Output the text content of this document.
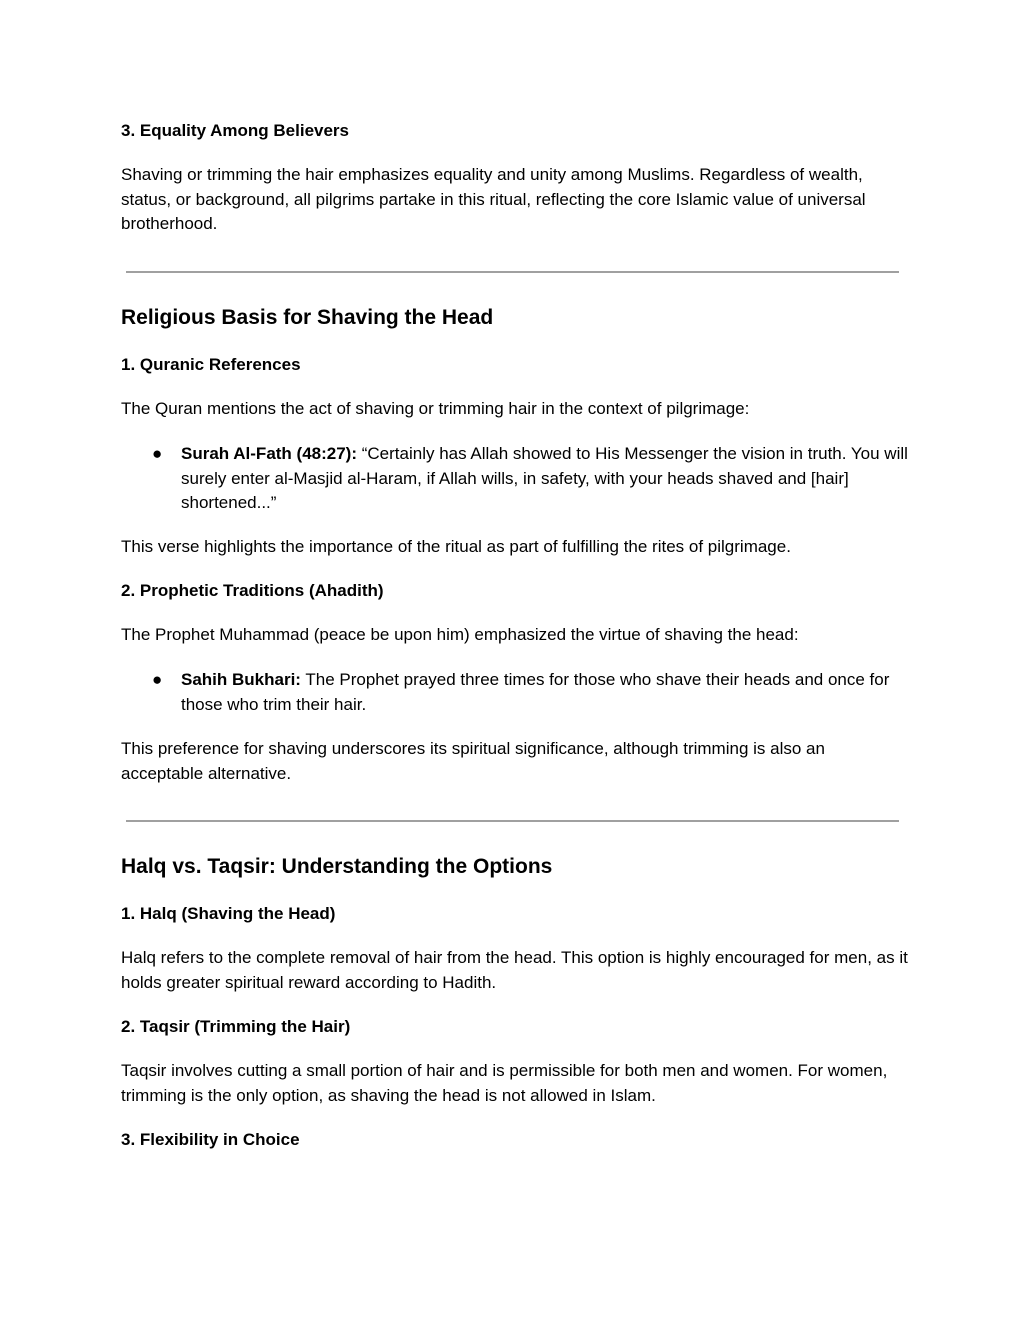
3. Equality Among Believers
Shaving or trimming the hair emphasizes equality and unity among Muslims. Regardless of wealth, status, or background, all pilgrims partake in this ritual, reflecting the core Islamic value of universal brotherhood.
Religious Basis for Shaving the Head
1. Quranic References
The Quran mentions the act of shaving or trimming hair in the context of pilgrimage:
● Surah Al-Fath (48:27): “Certainly has Allah showed to His Messenger the vision in truth. You will surely enter al-Masjid al-Haram, if Allah wills, in safety, with your heads shaved and [hair] shortened...”
This verse highlights the importance of the ritual as part of fulfilling the rites of pilgrimage.
2. Prophetic Traditions (Ahadith)
The Prophet Muhammad (peace be upon him) emphasized the virtue of shaving the head:
● Sahih Bukhari: The Prophet prayed three times for those who shave their heads and once for those who trim their hair.
This preference for shaving underscores its spiritual significance, although trimming is also an acceptable alternative.
Halq vs. Taqsir: Understanding the Options
1. Halq (Shaving the Head)
Halq refers to the complete removal of hair from the head. This option is highly encouraged for men, as it holds greater spiritual reward according to Hadith.
2. Taqsir (Trimming the Hair)
Taqsir involves cutting a small portion of hair and is permissible for both men and women. For women, trimming is the only option, as shaving the head is not allowed in Islam.
3. Flexibility in Choice
